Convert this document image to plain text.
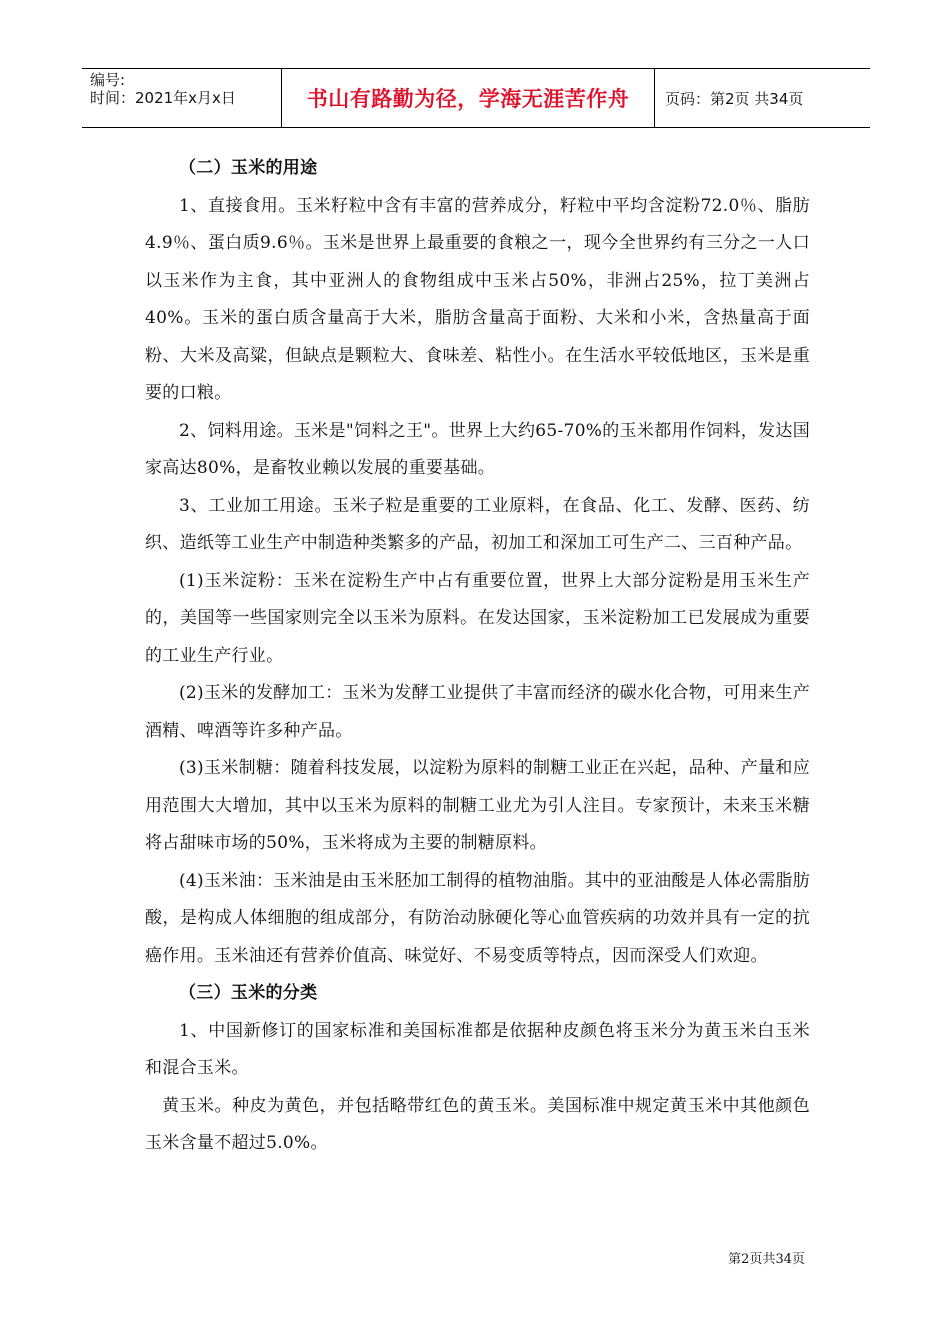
编号:
时间：2021年x月x日	书山有路勤为径，学海无涯苦作舟	页码：第2页 共34页

（二）玉米的用途

1、直接食用。玉米籽粒中含有丰富的营养成分，籽粒中平均含淀粉72.0％、脂肪4.9％、蛋白质9.6％。玉米是世界上最重要的食粮之一，现今全世界约有三分之一人口以玉米作为主食，其中亚洲人的食物组成中玉米占50%，非洲占25%，拉丁美洲占40%。玉米的蛋白质含量高于大米，脂肪含量高于面粉、大米和小米，含热量高于面粉、大米及高粱，但缺点是颗粒大、食味差、粘性小。在生活水平较低地区，玉米是重要的口粮。

2、饲料用途。玉米是"饲料之王"。世界上大约65-70%的玉米都用作饲料，发达国家高达80%，是畜牧业赖以发展的重要基础。

3、工业加工用途。玉米子粒是重要的工业原料，在食品、化工、发酵、医药、纺织、造纸等工业生产中制造种类繁多的产品，初加工和深加工可生产二、三百种产品。

(1)玉米淀粉：玉米在淀粉生产中占有重要位置，世界上大部分淀粉是用玉米生产的，美国等一些国家则完全以玉米为原料。在发达国家，玉米淀粉加工已发展成为重要的工业生产行业。

(2)玉米的发酵加工：玉米为发酵工业提供了丰富而经济的碳水化合物，可用来生产酒精、啤酒等许多种产品。

(3)玉米制糖：随着科技发展，以淀粉为原料的制糖工业正在兴起，品种、产量和应用范围大大增加，其中以玉米为原料的制糖工业尤为引人注目。专家预计，未来玉米糖将占甜味市场的50%，玉米将成为主要的制糖原料。

(4)玉米油：玉米油是由玉米胚加工制得的植物油脂。其中的亚油酸是人体必需脂肪酸，是构成人体细胞的组成部分，有防治动脉硬化等心血管疾病的功效并具有一定的抗癌作用。玉米油还有营养价值高、味觉好、不易变质等特点，因而深受人们欢迎。

（三）玉米的分类

1、中国新修订的国家标准和美国标准都是依据种皮颜色将玉米分为黄玉米白玉米和混合玉米。

黄玉米。种皮为黄色，并包括略带红色的黄玉米。美国标准中规定黄玉米中其他颜色玉米含量不超过5.0%。

第2页共34页
